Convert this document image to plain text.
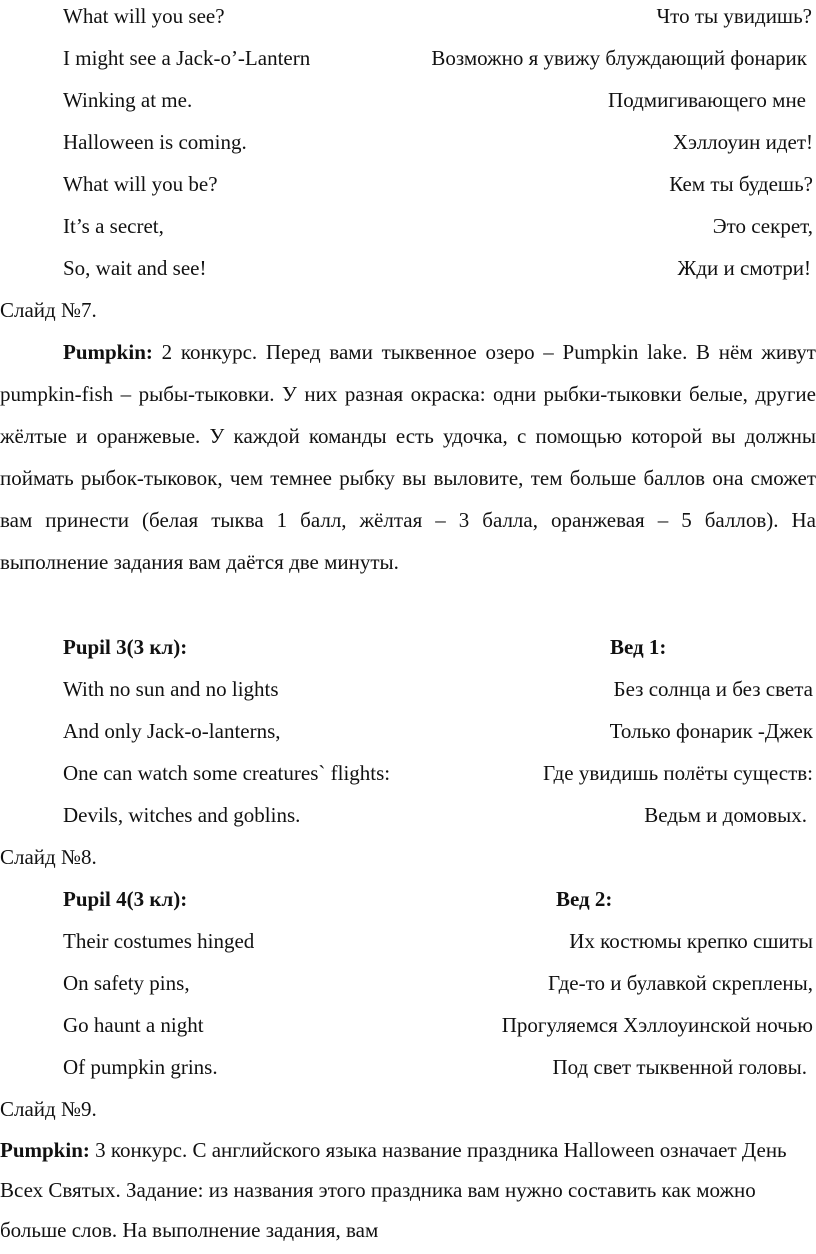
What will you see?	Что ты увидишь?
I might see a Jack-o’-Lantern	Возможно я увижу блуждающий фонарик
Winking at me.	Подмигивающего мне
Halloween is coming.	Хэллоуин идет!
What will you be?	Кем ты будешь?
It’s a secret,	Это секрет,
So, wait and see!	Жди и смотри!
Слайд №7.
Pumpkin: 2 конкурс. Перед вами тыквенное озеро – Pumpkin lake. В нём живут pumpkin-fish – рыбы-тыковки. У них разная окраска: одни рыбки-тыковки белые, другие жёлтые и оранжевые. У каждой команды есть удочка, с помощью которой вы должны поймать рыбок-тыковок, чем темнее рыбку вы выловите, тем больше баллов она сможет вам принести (белая тыква 1 балл, жёлтая – 3 балла, оранжевая – 5 баллов). На выполнение задания вам даётся две минуты.
Pupil 3(3 кл):	Вед 1:
With no sun and no lights	Без солнца и без света
And only Jack-o-lanterns,	Только фонарик -Джек
One can watch some creatures` flights:	Где увидишь полёты существ:
Devils, witches and goblins.	Ведьм и домовых.
Слайд №8.
Pupil 4(3 кл):	Вед 2:
Their costumes hinged	Их костюмы крепко сшиты
On safety pins,	Где-то и булавкой скреплены,
Go haunt a night	Прогуляемся Хэллоуинской ночью
Of pumpkin grins.	Под свет тыквенной головы.
Слайд №9.
Pumpkin: 3 конкурс. С английского языка название праздника Halloween означает День Всех Святых. Задание: из названия этого праздника вам нужно составить как можно больше слов. На выполнение задания, вам
